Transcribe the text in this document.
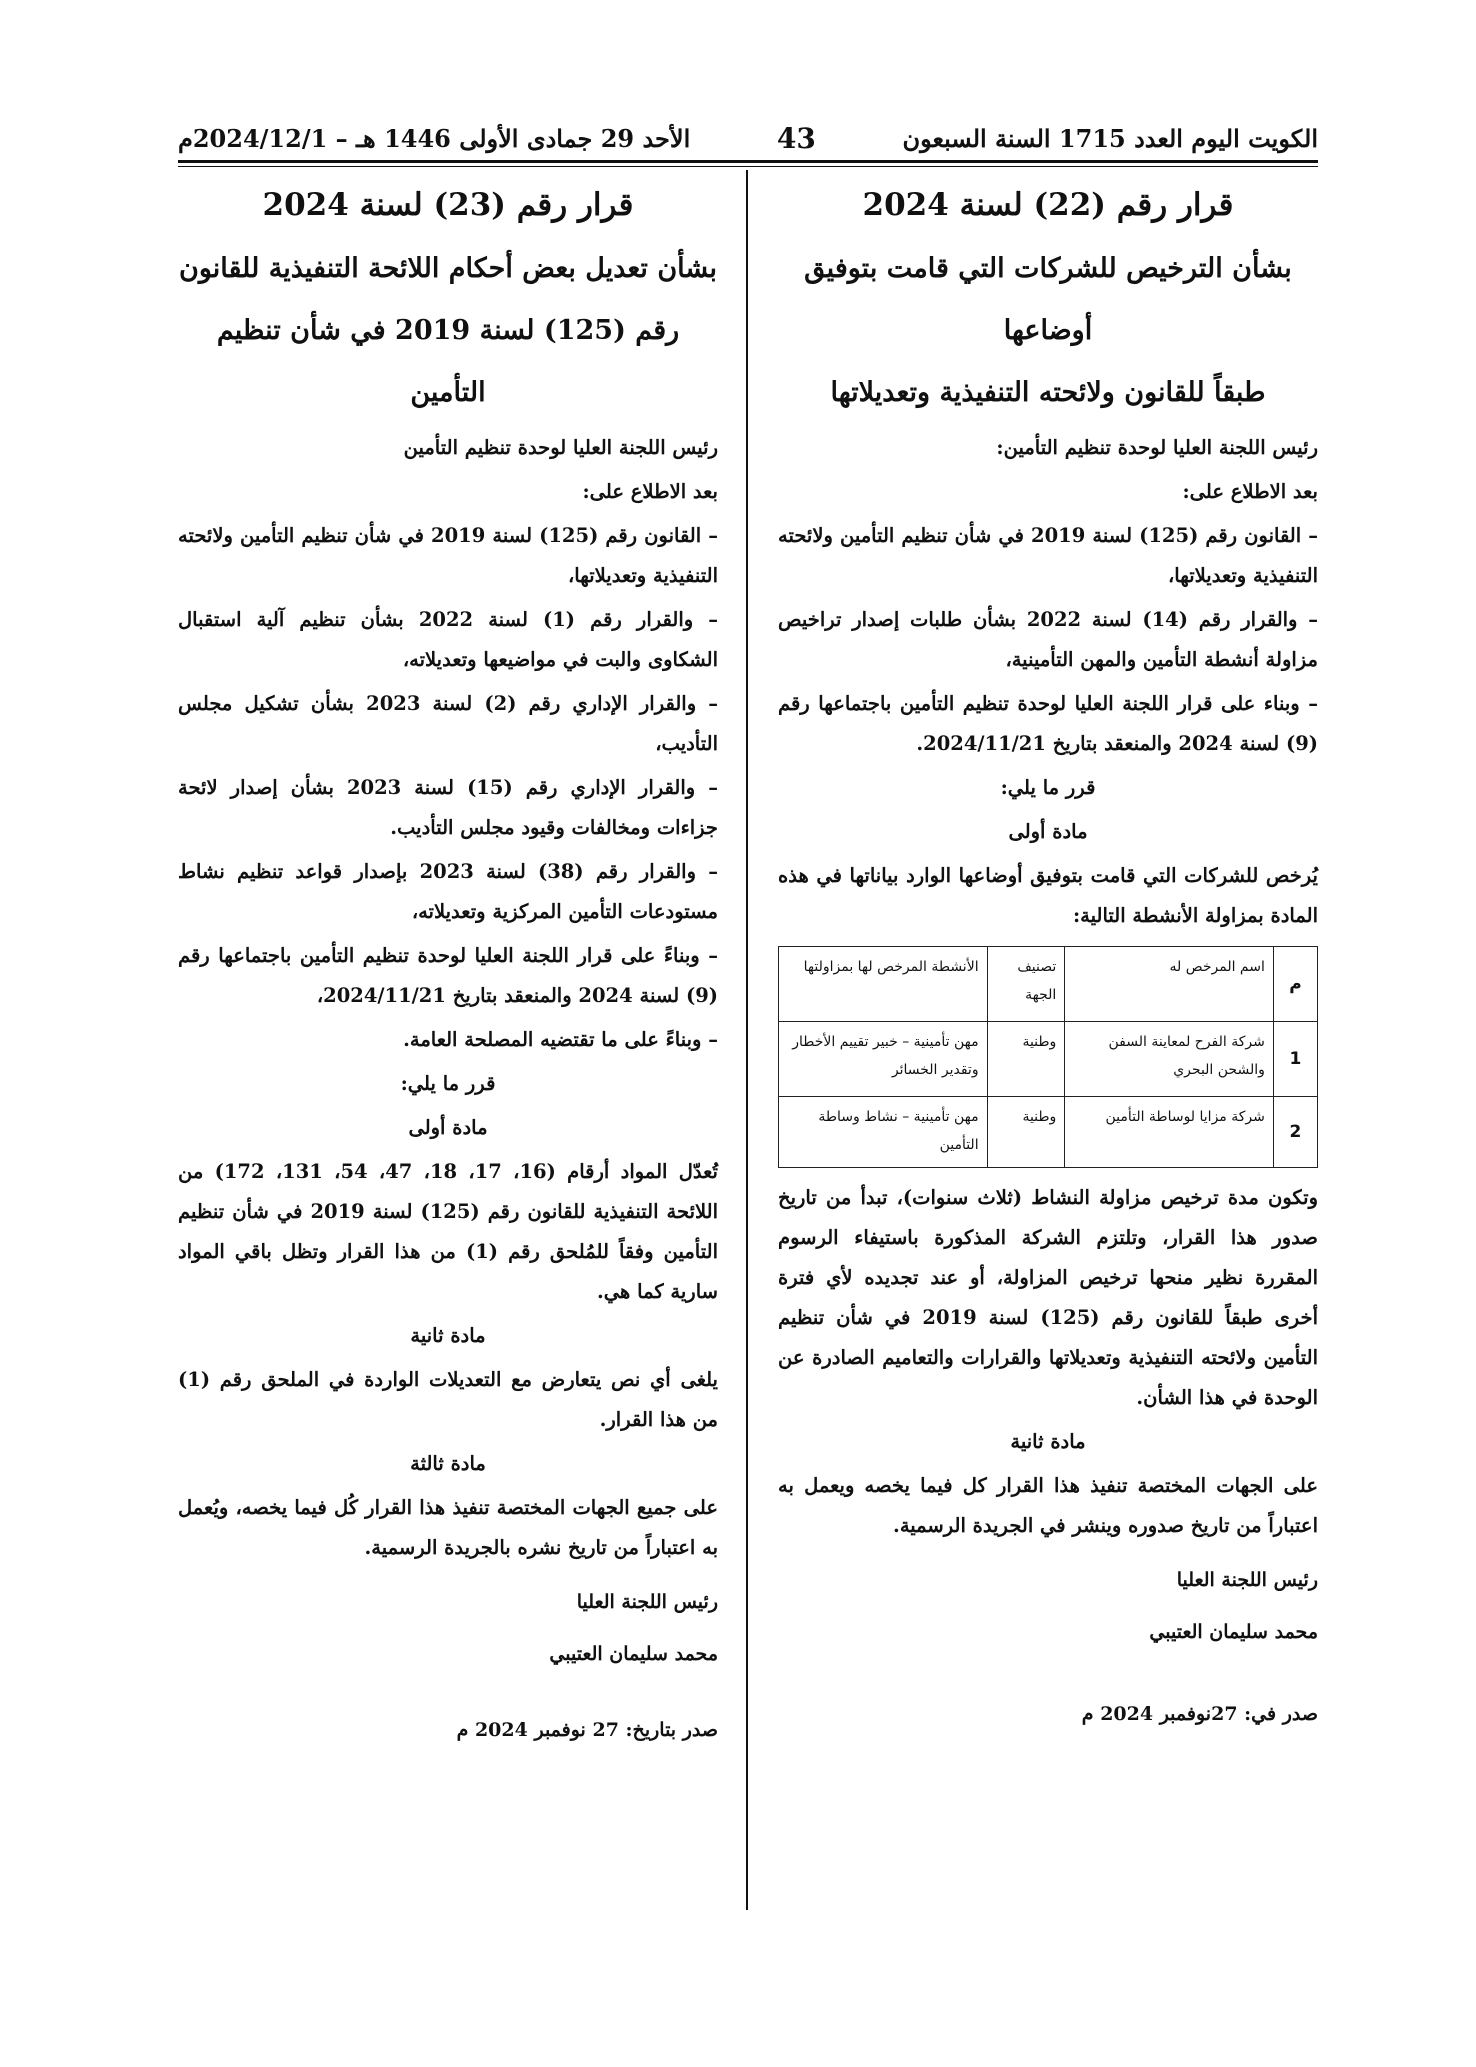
الكويت اليوم العدد 1715 السنة السبعون
43
الأحد 29 جمادى الأولى 1446 هـ – 2024/12/1م
قرار رقم (22) لسنة 2024
بشأن الترخيص للشركات التي قامت بتوفيق أوضاعها
طبقاً للقانون ولائحته التنفيذية وتعديلاتها

رئيس اللجنة العليا لوحدة تنظيم التأمين:

بعد الاطلاع على:

– القانون رقم (125) لسنة 2019 في شأن تنظيم التأمين ولائحته التنفيذية وتعديلاتها،

– والقرار رقم (14) لسنة 2022 بشأن طلبات إصدار تراخيص مزاولة أنشطة التأمين والمهن التأمينية،

– وبناء على قرار اللجنة العليا لوحدة تنظيم التأمين باجتماعها رقم (9) لسنة 2024 والمنعقد بتاريخ 2024/11/21.

قرر ما يلي:

مادة أولى

يُرخص للشركات التي قامت بتوفيق أوضاعها الوارد بياناتها في هذه المادة بمزاولة الأنشطة التالية:

م	اسم المرخص له	تصنيف الجهة	الأنشطة المرخص لها بمزاولتها
1	شركة الفرح لمعاينة السفن والشحن البحري	وطنية	مهن تأمينية – خبير تقييم الأخطار وتقدير الخسائر
2	شركة مزايا لوساطة التأمين	وطنية	مهن تأمينية – نشاط وساطة التأمين

وتكون مدة ترخيص مزاولة النشاط (ثلاث سنوات)، تبدأ من تاريخ صدور هذا القرار، وتلتزم الشركة المذكورة باستيفاء الرسوم المقررة نظير منحها ترخيص المزاولة، أو عند تجديده لأي فترة أخرى طبقاً للقانون رقم (125) لسنة 2019 في شأن تنظيم التأمين ولائحته التنفيذية وتعديلاتها والقرارات والتعاميم الصادرة عن الوحدة في هذا الشأن.

مادة ثانية

على الجهات المختصة تنفيذ هذا القرار كل فيما يخصه ويعمل به اعتباراً من تاريخ صدوره وينشر في الجريدة الرسمية.

رئيس اللجنة العليا
محمد سليمان العتيبي
صدر في: 27نوفمبر 2024 م
قرار رقم (23) لسنة 2024
بشأن تعديل بعض أحكام اللائحة التنفيذية للقانون
رقم (125) لسنة 2019 في شأن تنظيم التأمين

رئيس اللجنة العليا لوحدة تنظيم التأمين

بعد الاطلاع على:

– القانون رقم (125) لسنة 2019 في شأن تنظيم التأمين ولائحته التنفيذية وتعديلاتها،

– والقرار رقم (1) لسنة 2022 بشأن تنظيم آلية استقبال الشكاوى والبت في مواضيعها وتعديلاته،

– والقرار الإداري رقم (2) لسنة 2023 بشأن تشكيل مجلس التأديب،

– والقرار الإداري رقم (15) لسنة 2023 بشأن إصدار لائحة جزاءات ومخالفات وقيود مجلس التأديب.

– والقرار رقم (38) لسنة 2023 بإصدار قواعد تنظيم نشاط مستودعات التأمين المركزية وتعديلاته،

– وبناءً على قرار اللجنة العليا لوحدة تنظيم التأمين باجتماعها رقم (9) لسنة 2024 والمنعقد بتاريخ 2024/11/21،

– وبناءً على ما تقتضيه المصلحة العامة.

قرر ما يلي:

مادة أولى

تُعدّل المواد أرقام (16، 17، 18، 47، 54، 131، 172) من اللائحة التنفيذية للقانون رقم (125) لسنة 2019 في شأن تنظيم التأمين وفقاً للمُلحق رقم (1) من هذا القرار وتظل باقي المواد سارية كما هي.

مادة ثانية

يلغى أي نص يتعارض مع التعديلات الواردة في الملحق رقم (1) من هذا القرار.

مادة ثالثة

على جميع الجهات المختصة تنفيذ هذا القرار كُل فيما يخصه، ويُعمل به اعتباراً من تاريخ نشره بالجريدة الرسمية.

رئيس اللجنة العليا
محمد سليمان العتيبي
صدر بتاريخ: 27 نوفمبر 2024 م
